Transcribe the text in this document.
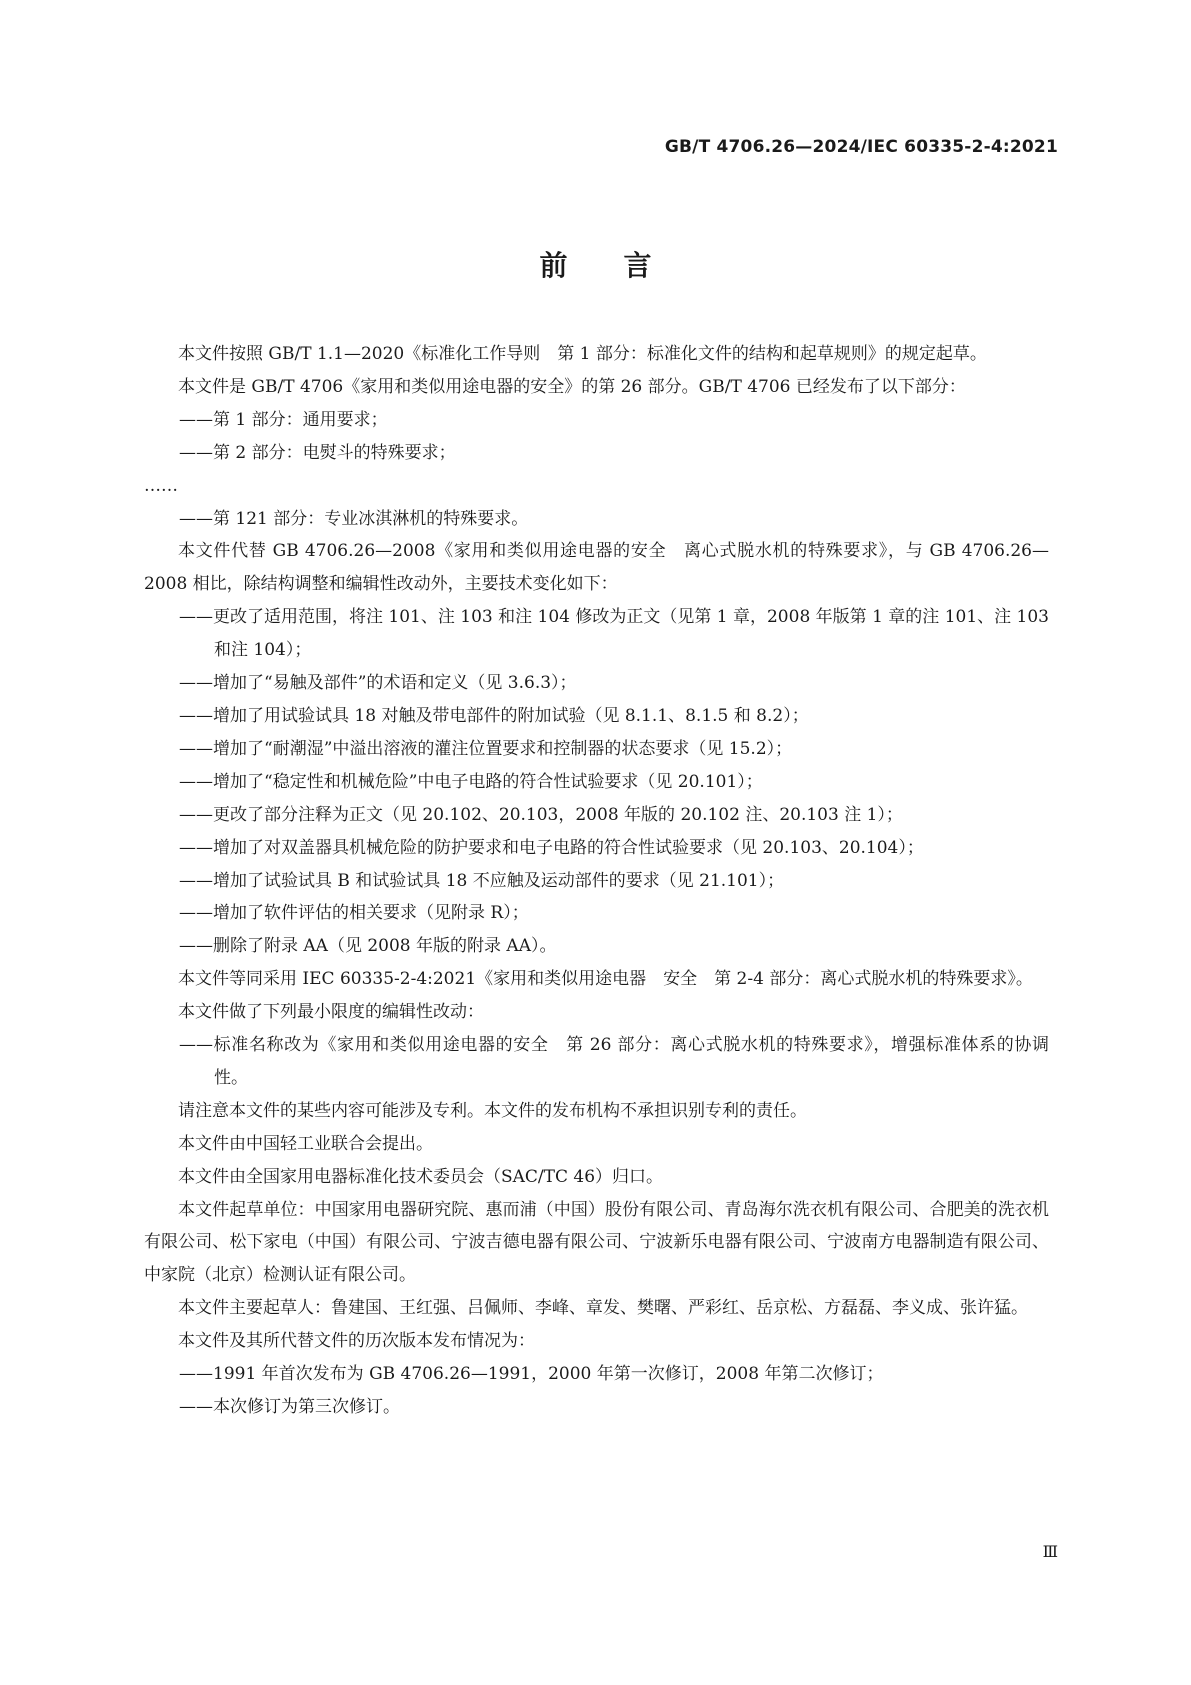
GB/T 4706.26—2024/IEC 60335-2-4:2021
前言

本文件按照 GB/T 1.1—2020《标准化工作导则　第 1 部分：标准化文件的结构和起草规则》的规定起草。

本文件是 GB/T 4706《家用和类似用途电器的安全》的第 26 部分。GB/T 4706 已经发布了以下部分：

——第 1 部分：通用要求；

——第 2 部分：电熨斗的特殊要求；

……

——第 121 部分：专业冰淇淋机的特殊要求。

本文件代替 GB 4706.26—2008《家用和类似用途电器的安全　离心式脱水机的特殊要求》，与 GB 4706.26—2008 相比，除结构调整和编辑性改动外，主要技术变化如下：

——更改了适用范围，将注 101、注 103 和注 104 修改为正文（见第 1 章，2008 年版第 1 章的注 101、注 103 和注 104）；

——增加了“易触及部件”的术语和定义（见 3.6.3）；

——增加了用试验试具 18 对触及带电部件的附加试验（见 8.1.1、8.1.5 和 8.2）；

——增加了“耐潮湿”中溢出溶液的灌注位置要求和控制器的状态要求（见 15.2）；

——增加了“稳定性和机械危险”中电子电路的符合性试验要求（见 20.101）；

——更改了部分注释为正文（见 20.102、20.103，2008 年版的 20.102 注、20.103 注 1）；

——增加了对双盖器具机械危险的防护要求和电子电路的符合性试验要求（见 20.103、20.104）；

——增加了试验试具 B 和试验试具 18 不应触及运动部件的要求（见 21.101）；

——增加了软件评估的相关要求（见附录 R）；

——删除了附录 AA（见 2008 年版的附录 AA）。

本文件等同采用 IEC 60335-2-4:2021《家用和类似用途电器　安全　第 2-4 部分：离心式脱水机的特殊要求》。

本文件做了下列最小限度的编辑性改动：

——标准名称改为《家用和类似用途电器的安全　第 26 部分：离心式脱水机的特殊要求》，增强标准体系的协调性。

请注意本文件的某些内容可能涉及专利。本文件的发布机构不承担识别专利的责任。

本文件由中国轻工业联合会提出。

本文件由全国家用电器标准化技术委员会（SAC/TC 46）归口。

本文件起草单位：中国家用电器研究院、惠而浦（中国）股份有限公司、青岛海尔洗衣机有限公司、合肥美的洗衣机有限公司、松下家电（中国）有限公司、宁波吉德电器有限公司、宁波新乐电器有限公司、宁波南方电器制造有限公司、中家院（北京）检测认证有限公司。

本文件主要起草人：鲁建国、王红强、吕佩师、李峰、章发、樊曙、严彩红、岳京松、方磊磊、李义成、张许猛。

本文件及其所代替文件的历次版本发布情况为：

——1991 年首次发布为 GB 4706.26—1991，2000 年第一次修订，2008 年第二次修订；

——本次修订为第三次修订。

Ⅲ
